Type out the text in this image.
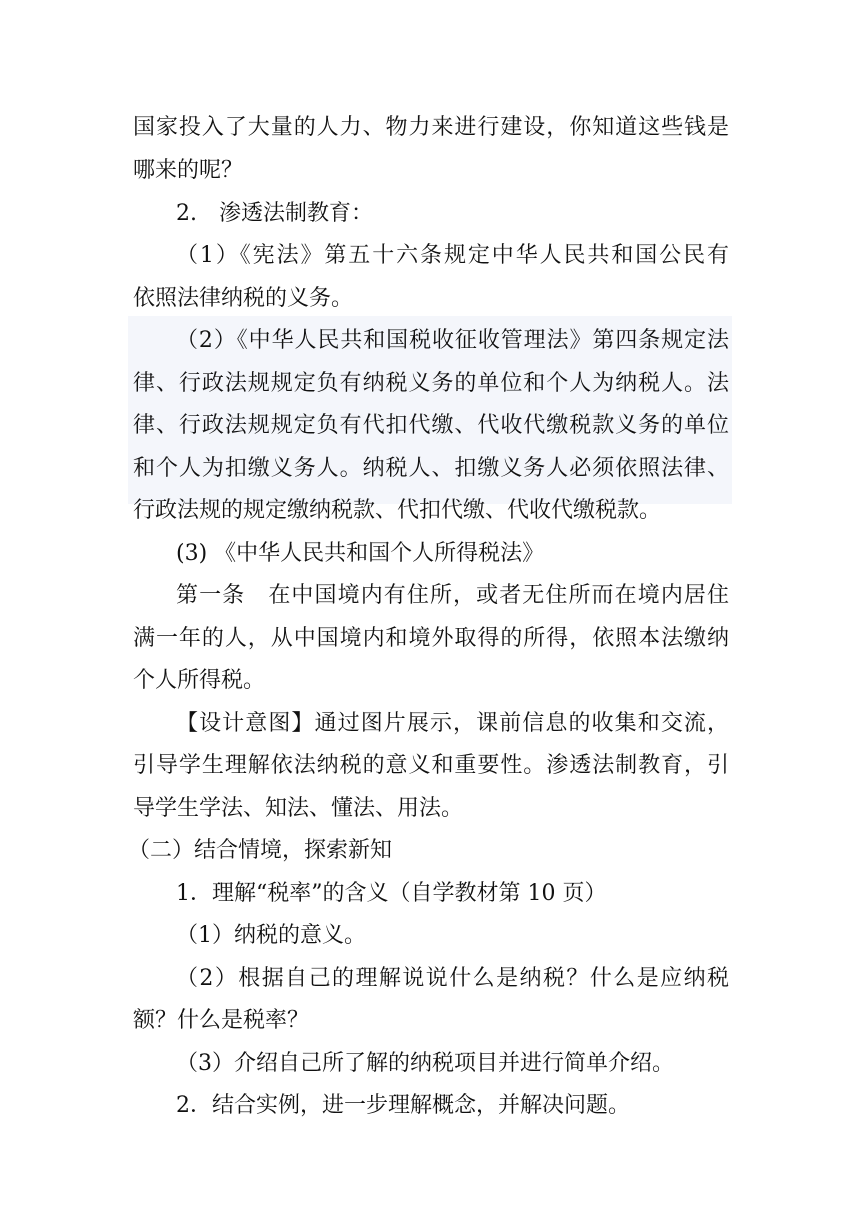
国家投入了大量的人力、物力来进行建设，你知道这些钱是
哪来的呢？
2.　渗透法制教育：
（1）《宪法》第五十六条规定中华人民共和国公民有
依照法律纳税的义务。
（2）《中华人民共和国税收征收管理法》第四条规定法
律、行政法规规定负有纳税义务的单位和个人为纳税人。法
律、行政法规规定负有代扣代缴、代收代缴税款义务的单位
和个人为扣缴义务人。纳税人、扣缴义务人必须依照法律、
行政法规的规定缴纳税款、代扣代缴、代收代缴税款。
(3) 《中华人民共和国个人所得税法》
第一条　在中国境内有住所，或者无住所而在境内居住
满一年的人，从中国境内和境外取得的所得，依照本法缴纳
个人所得税。
【设计意图】通过图片展示，课前信息的收集和交流，
引导学生理解依法纳税的意义和重要性。渗透法制教育，引
导学生学法、知法、懂法、用法。
（二）结合情境，探索新知
1．理解“税率”的含义（自学教材第 10 页）
（1）纳税的意义。
（2）根据自己的理解说说什么是纳税？什么是应纳税
额？什么是税率？
（3）介绍自己所了解的纳税项目并进行简单介绍。
2．结合实例，进一步理解概念，并解决问题。
